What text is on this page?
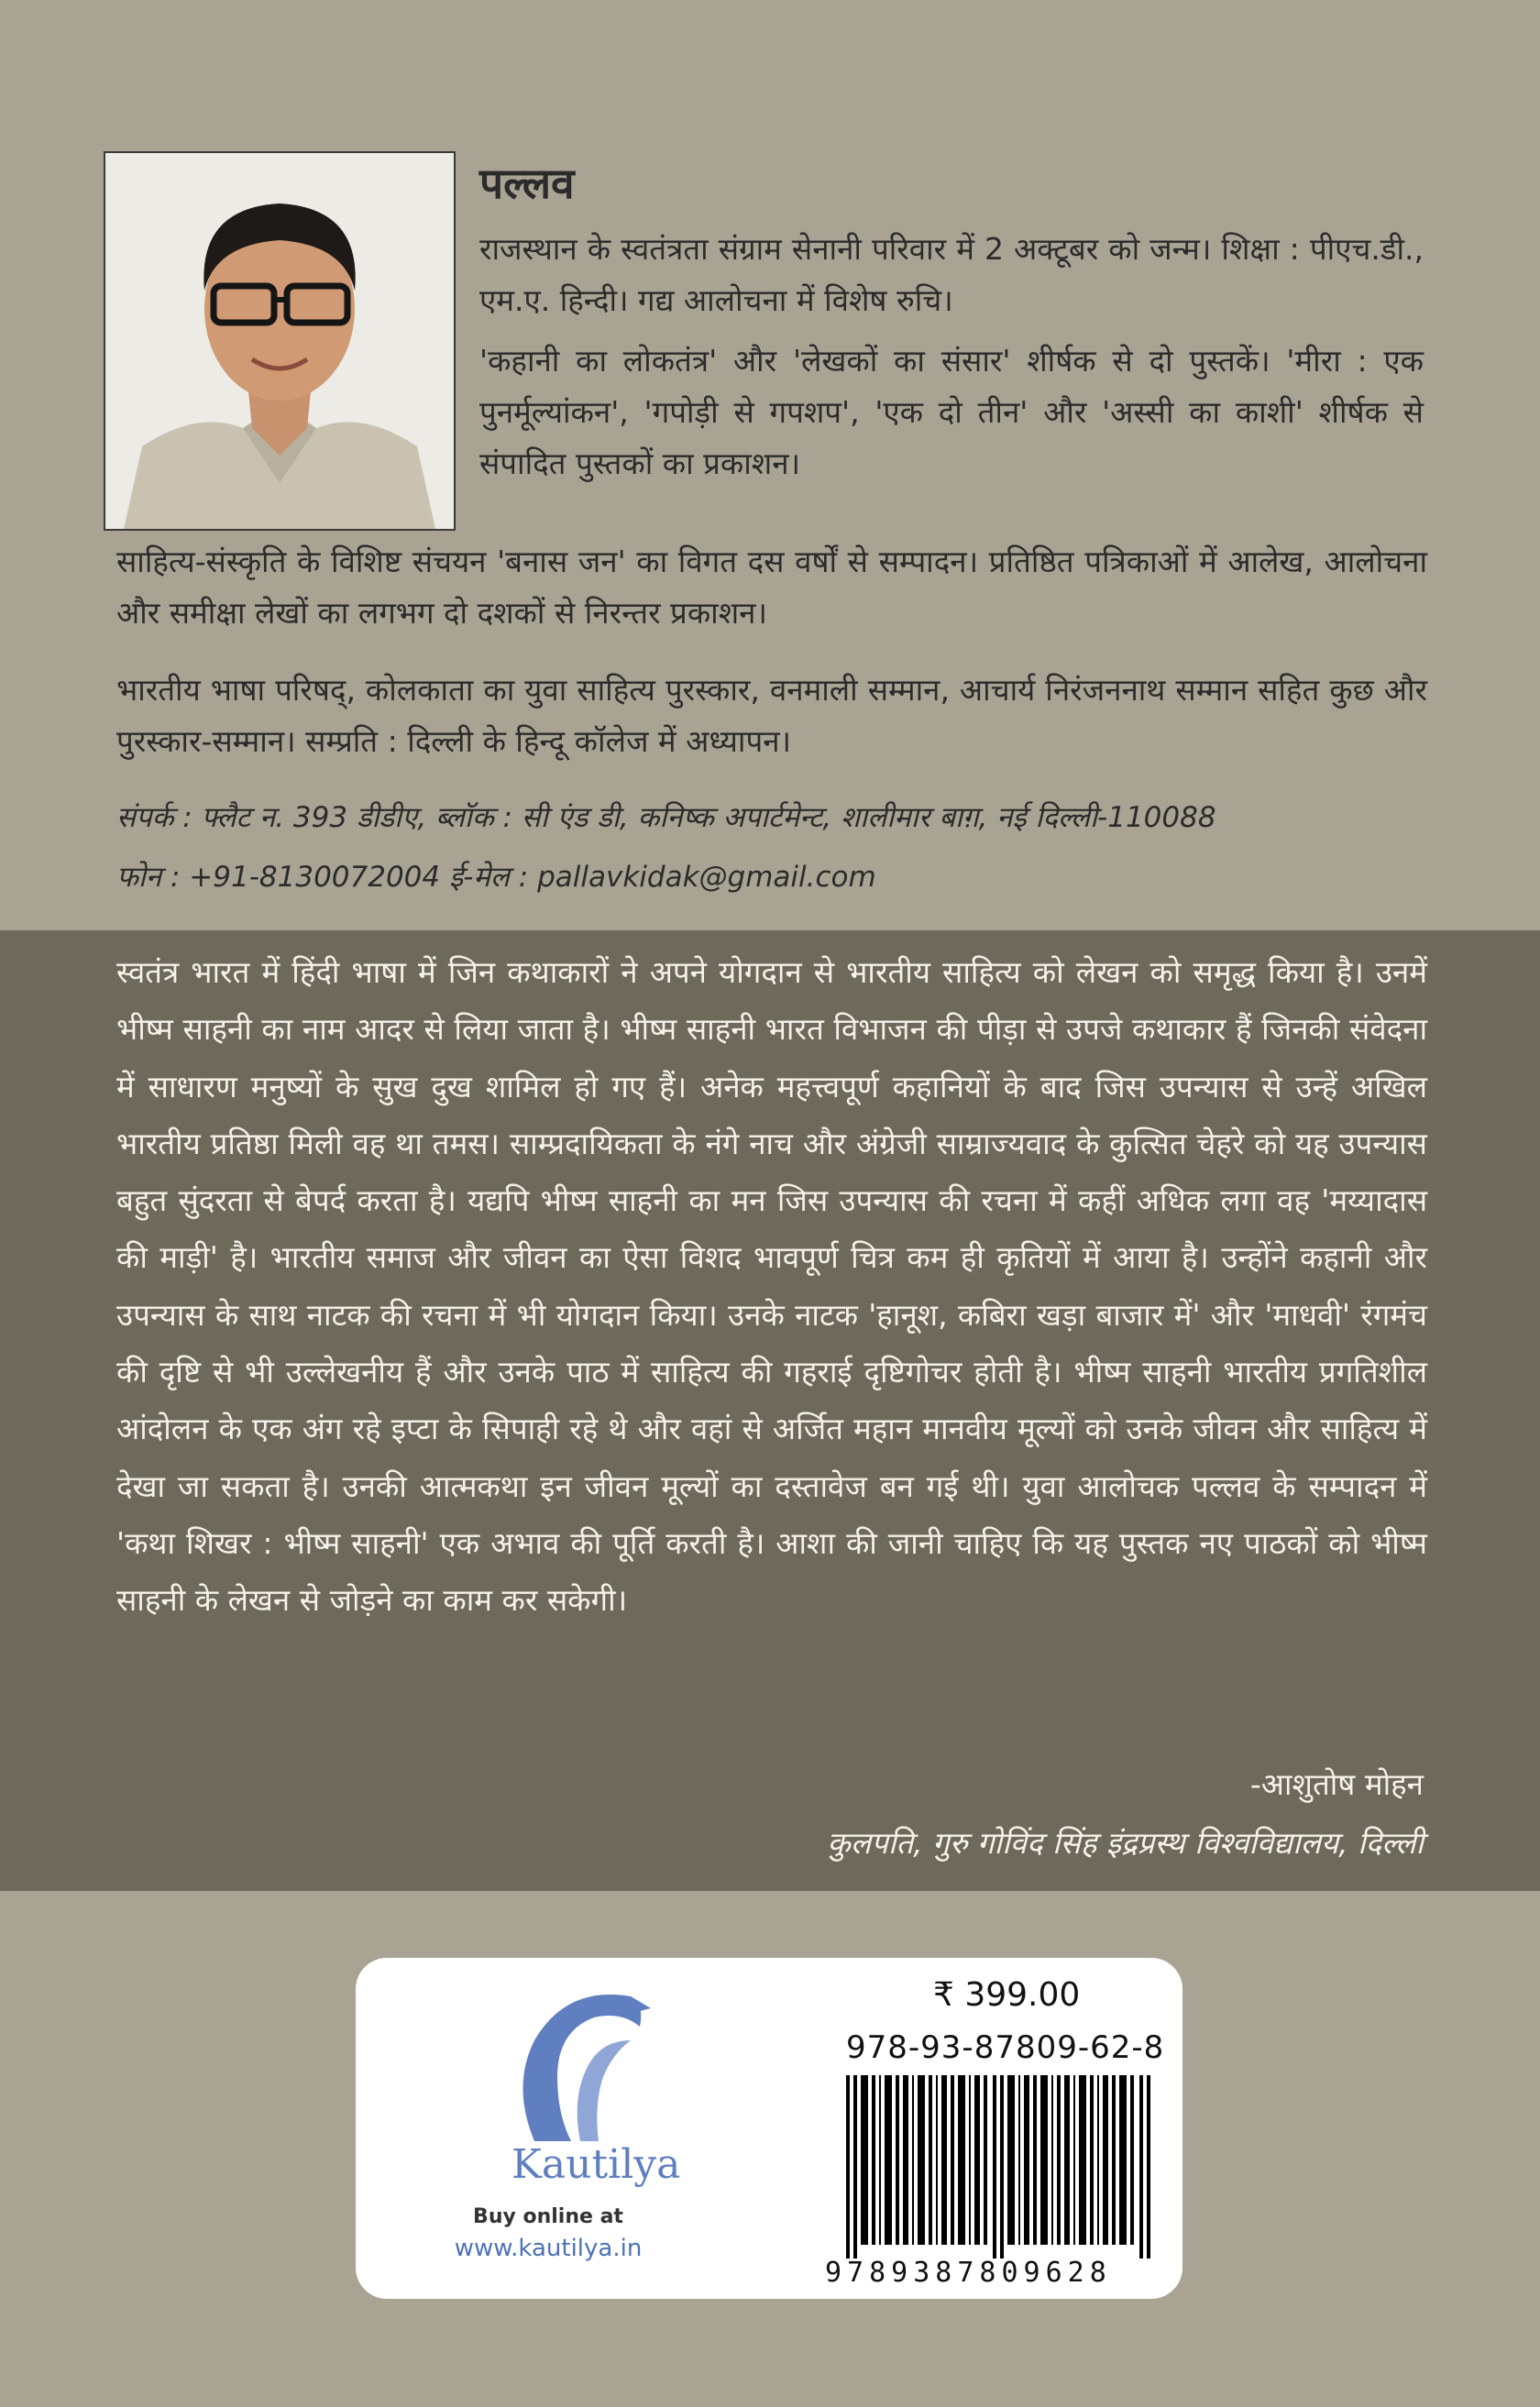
पल्लव

राजस्थान के स्वतंत्रता संग्राम सेनानी परिवार में 2 अक्टूबर को जन्म। शिक्षा : पीएच.डी., एम.ए. हिन्दी। गद्य आलोचना में विशेष रुचि।

'कहानी का लोकतंत्र' और 'लेखकों का संसार' शीर्षक से दो पुस्तकें। 'मीरा : एक पुनर्मूल्यांकन', 'गपोड़ी से गपशप', 'एक दो तीन' और 'अस्सी का काशी' शीर्षक से संपादित पुस्तकों का प्रकाशन।

साहित्य-संस्कृति के विशिष्ट संचयन 'बनास जन' का विगत दस वर्षों से सम्पादन। प्रतिष्ठित पत्रिकाओं में आलेख, आलोचना और समीक्षा लेखों का लगभग दो दशकों से निरन्तर प्रकाशन।

भारतीय भाषा परिषद्, कोलकाता का युवा साहित्य पुरस्कार, वनमाली सम्मान, आचार्य निरंजननाथ सम्मान सहित कुछ और पुरस्कार-सम्मान। सम्प्रति : दिल्ली के हिन्दू कॉलेज में अध्यापन।

संपर्क : फ्लैट न. 393 डीडीए, ब्लॉक : सी एंड डी, कनिष्क अपार्टमेन्ट, शालीमार बाग़, नई दिल्ली-110088
फोन : +91-8130072004 ई-मेल : pallavkidak@gmail.com

स्वतंत्र भारत में हिंदी भाषा में जिन कथाकारों ने अपने योगदान से भारतीय साहित्य को लेखन को समृद्ध किया है। उनमें भीष्म साहनी का नाम आदर से लिया जाता है। भीष्म साहनी भारत विभाजन की पीड़ा से उपजे कथाकार हैं जिनकी संवेदना में साधारण मनुष्यों के सुख दुख शामिल हो गए हैं। अनेक महत्त्वपूर्ण कहानियों के बाद जिस उपन्यास से उन्हें अखिल भारतीय प्रतिष्ठा मिली वह था तमस। साम्प्रदायिकता के नंगे नाच और अंग्रेजी साम्राज्यवाद के कुत्सित चेहरे को यह उपन्यास बहुत सुंदरता से बेपर्द करता है। यद्यपि भीष्म साहनी का मन जिस उपन्यास की रचना में कहीं अधिक लगा वह 'मय्यादास की माड़ी' है। भारतीय समाज और जीवन का ऐसा विशद भावपूर्ण चित्र कम ही कृतियों में आया है। उन्होंने कहानी और उपन्यास के साथ नाटक की रचना में भी योगदान किया। उनके नाटक 'हानूश, कबिरा खड़ा बाजार में' और 'माधवी' रंगमंच की दृष्टि से भी उल्लेखनीय हैं और उनके पाठ में साहित्य की गहराई दृष्टिगोचर होती है। भीष्म साहनी भारतीय प्रगतिशील आंदोलन के एक अंग रहे इप्टा के सिपाही रहे थे और वहां से अर्जित महान मानवीय मूल्यों को उनके जीवन और साहित्य में देखा जा सकता है। उनकी आत्मकथा इन जीवन मूल्यों का दस्तावेज बन गई थी। युवा आलोचक पल्लव के सम्पादन में 'कथा शिखर : भीष्म साहनी' एक अभाव की पूर्ति करती है। आशा की जानी चाहिए कि यह पुस्तक नए पाठकों को भीष्म साहनी के लेखन से जोड़ने का काम कर सकेगी।

-आशुतोष मोहन
कुलपति, गुरु गोविंद सिंह इंद्रप्रस्थ विश्वविद्यालय, दिल्ली
Kautilya
Buy online at
www.kautilya.in
₹ 399.00
978-93-87809-62-8
9789387809628
